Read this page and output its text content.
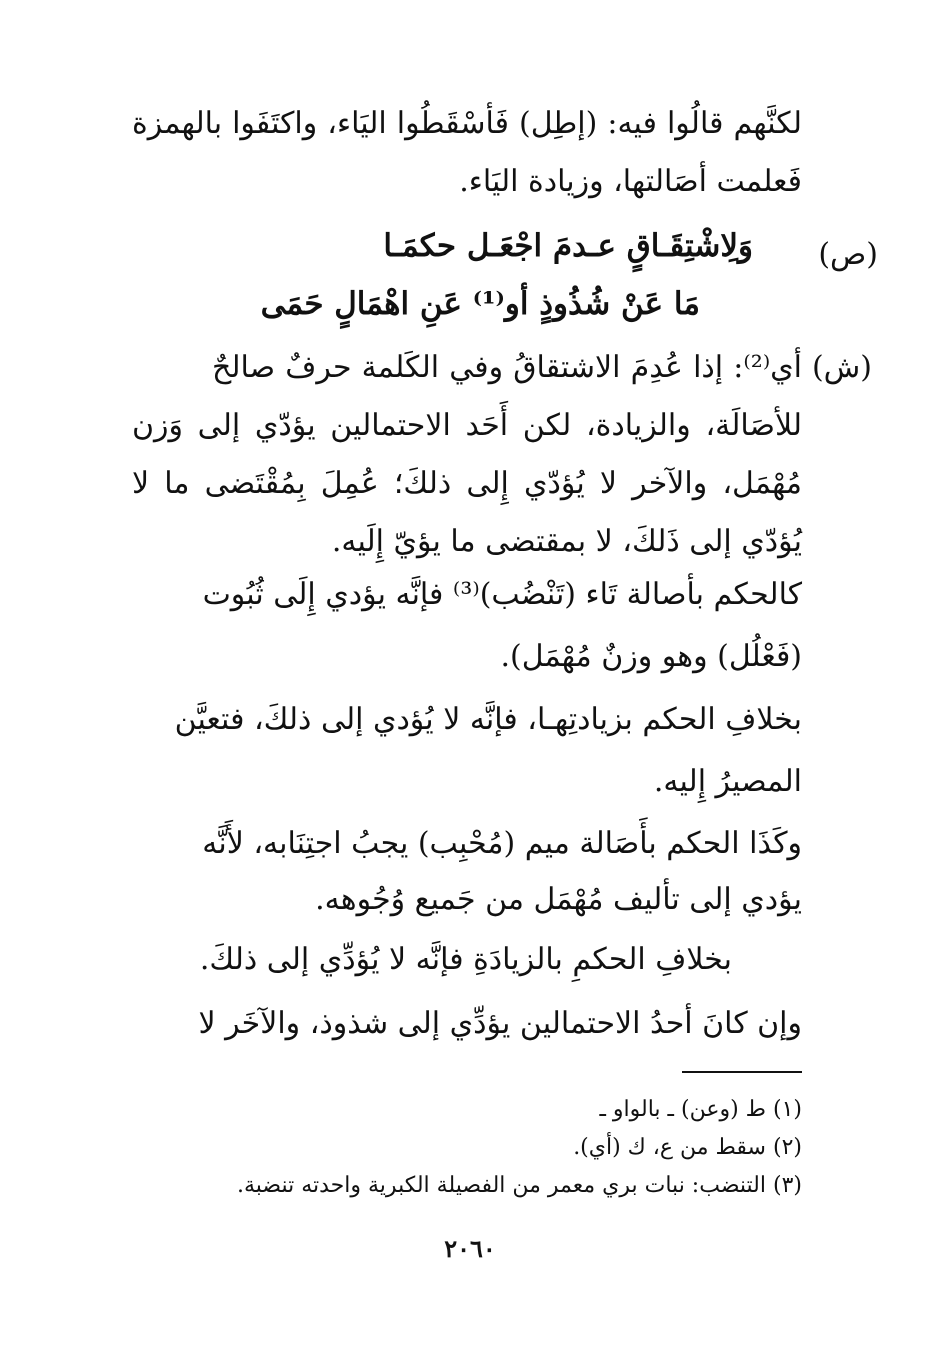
لكنَّهم قالُوا فيه: (إطِل) فَأسْقَطُوا اليَاء، واكتَفَوا بالهمزة
فَعلمت أصَالتها، وزيادة اليَاء.
(ص)
وَلِاشْتِقَـاقٍ عـدمَ اجْعَـل حكمَـا
مَا عَنْ شُذُوذٍ أو⁽¹⁾ عَنِ اهْمَالٍ حَمَى
(ش)
أي⁽²⁾: إذا عُدِمَ الاشتقاقُ وفي الكَلمة حرفٌ صالحٌ
للأصَالَة، والزيادة، لكن أَحَد الاحتمالين يؤدّي إلى وَزن
مُهْمَل، والآخر لا يُؤدّي إِلى ذلكَ؛ عُمِلَ بِمُقْتَضى ما لا
يُؤدّي إلى ذَلكَ، لا بمقتضى ما يؤيّ إِلَيه.
كالحكم بأصالة تَاء (تَنْضُب)⁽³⁾ فإنَّه يؤدي إِلَى ثُبُوت
(فَعْلُل) وهو وزنٌ مُهْمَل).
بخلافِ الحكم بزيادتِهـا، فإنَّه لا يُؤدي إلى ذلكَ، فتعيَّن
المصيرُ إِليه.
وكَذَا الحكم بأَصَالة ميم (مُحْبِب) يجبُ اجتِنَابه، لأَنَّه
يؤدي إلى تأليف مُهْمَل من جَميع وُجُوهه.
بخلافِ الحكمِ بالزيادَةِ فإنَّه لا يُؤدِّي إلى ذلكَ.
وإن كانَ أحدُ الاحتمالين يؤدِّي إلى شذوذ، والآخَر لا
(١) ط (وعن) ـ بالواو ـ
(٢) سقط من ع، ك (أي).
(٣) التنضب: نبات بري معمر من الفصيلة الكبرية واحدته تنضبة.
٢٠٦٠
